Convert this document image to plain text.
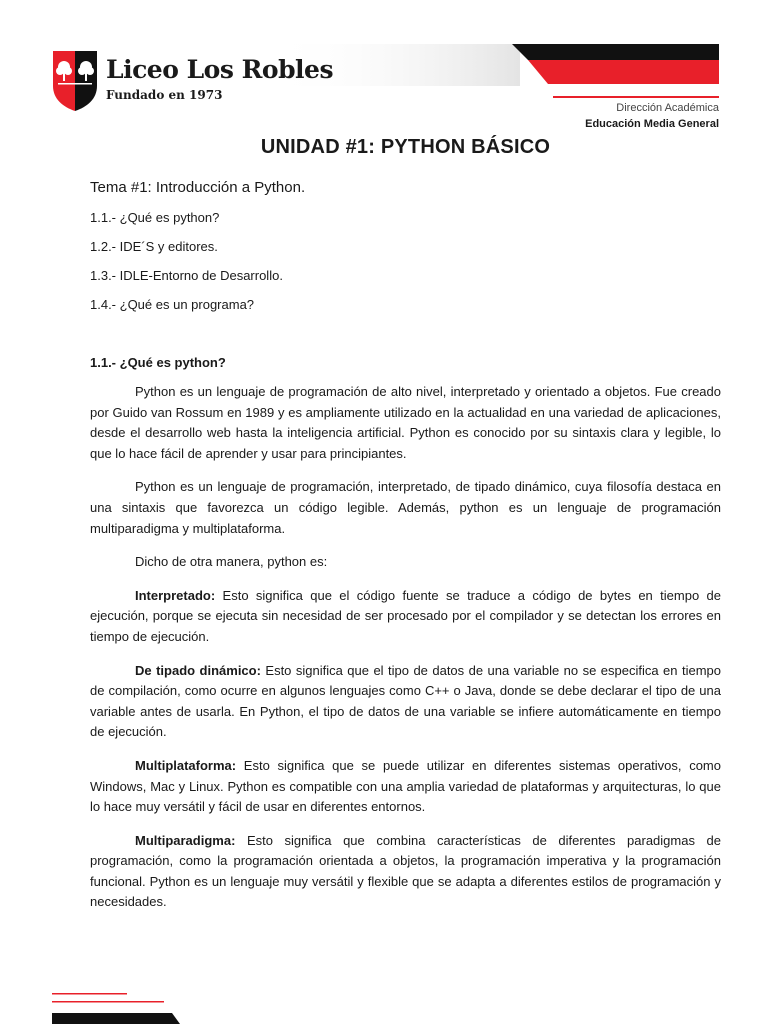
Liceo Los Robles
Fundado en 1973
Dirección Académica
Educación Media General
UNIDAD #1: PYTHON BÁSICO
Tema #1: Introducción a Python.
1.1.- ¿Qué es python?
1.2.- IDE´S y editores.
1.3.- IDLE-Entorno de Desarrollo.
1.4.- ¿Qué es un programa?
1.1.- ¿Qué es python?

Python es un lenguaje de programación de alto nivel, interpretado y orientado a objetos. Fue creado por Guido van Rossum en 1989 y es ampliamente utilizado en la actualidad en una variedad de aplicaciones, desde el desarrollo web hasta la inteligencia artificial. Python es conocido por su sintaxis clara y legible, lo que lo hace fácil de aprender y usar para principiantes.

Python es un lenguaje de programación, interpretado, de tipado dinámico, cuya filosofía destaca en una sintaxis que favorezca un código legible. Además, python es un lenguaje de programación multiparadigma y multiplataforma.

Dicho de otra manera, python es:

Interpretado: Esto significa que el código fuente se traduce a código de bytes en tiempo de ejecución, porque se ejecuta sin necesidad de ser procesado por el compilador y se detectan los errores en tiempo de ejecución.

De tipado dinámico: Esto significa que el tipo de datos de una variable no se especifica en tiempo de compilación, como ocurre en algunos lenguajes como C++ o Java, donde se debe declarar el tipo de una variable antes de usarla. En Python, el tipo de datos de una variable se infiere automáticamente en tiempo de ejecución.

Multiplataforma: Esto significa que se puede utilizar en diferentes sistemas operativos, como Windows, Mac y Linux. Python es compatible con una amplia variedad de plataformas y arquitecturas, lo que lo hace muy versátil y fácil de usar en diferentes entornos.

Multiparadigma: Esto significa que combina características de diferentes paradigmas de programación, como la programación orientada a objetos, la programación imperativa y la programación funcional. Python es un lenguaje muy versátil y flexible que se adapta a diferentes estilos de programación y necesidades.
